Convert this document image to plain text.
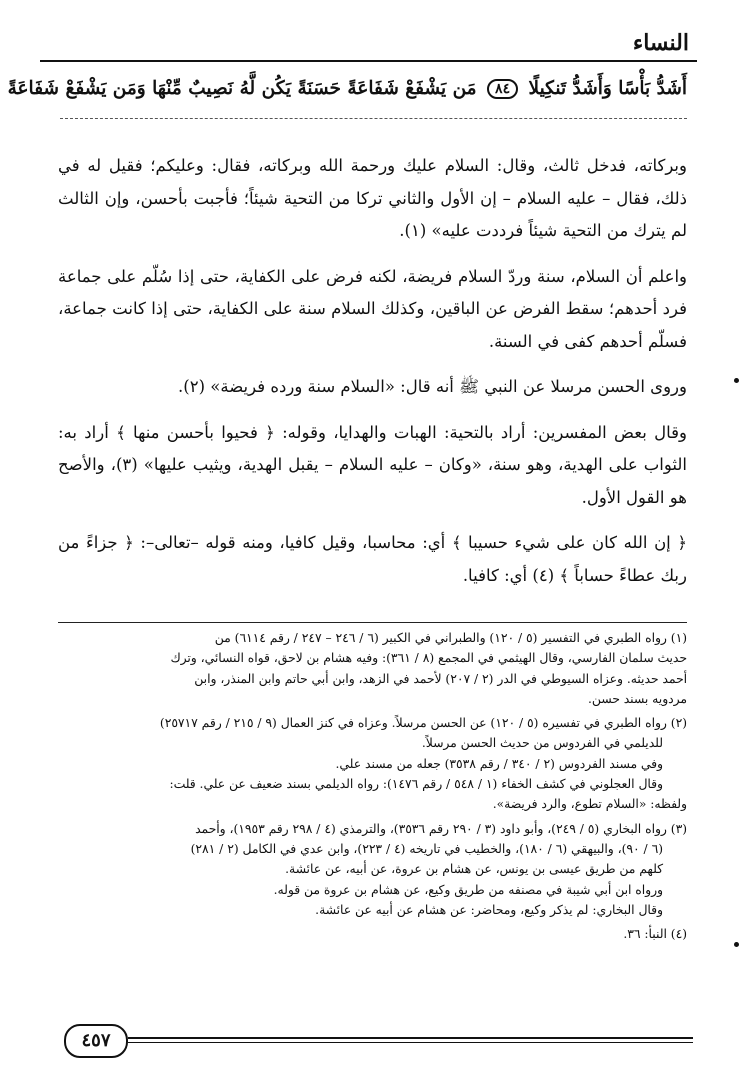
النساء
أَشَدُّ بَأْسًا وَأَشَدُّ تَنكِيلًا ٨٤ مَن يَشْفَعْ شَفَاعَةً حَسَنَةً يَكُن لَّهُ نَصِيبٌ مِّنْهَا وَمَن يَشْفَعْ شَفَاعَةً

وبركاته، فدخل ثالث، وقال: السلام عليك ورحمة الله وبركاته، فقال: وعليكم؛ فقيل له في ذلك، فقال – عليه السلام – إن الأول والثاني تركا من التحية شيئاً؛ فأجبت بأحسن، وإن الثالث لم يترك من التحية شيئاً فرددت عليه» (١).

واعلم أن السلام، سنة وردّ السلام فريضة، لكنه فرض على الكفاية، حتى إذا سُلّم على جماعة فرد أحدهم؛ سقط الفرض عن الباقين، وكذلك السلام سنة على الكفاية، حتى إذا كانت جماعة، فسلّم أحدهم كفى في السنة.

وروى الحسن مرسلا عن النبي ﷺ أنه قال: «السلام سنة ورده فريضة» (٢).

وقال بعض المفسرين: أراد بالتحية: الهبات والهدايا، وقوله: ﴿ فحيوا بأحسن منها ﴾ أراد به: الثواب على الهدية، وهو سنة، «وكان – عليه السلام – يقبل الهدية، ويثيب عليها» (٣)، والأصح هو القول الأول.

﴿ إن الله كان على شيء حسيبا ﴾ أي: محاسبا، وقيل كافيا، ومنه قوله –تعالى–: ﴿ جزاءً من ربك عطاءً حساباً ﴾ (٤) أي: كافيا.

(١) رواه الطبري في التفسير (٥ / ١٢٠) والطبراني في الكبير (٦ / ٢٤٦ – ٢٤٧ / رقم ٦١١٤) من
حديث سلمان الفارسي، وقال الهيثمي في المجمع (٨ / ٣٦١): وفيه هشام بن لاحق، قواه النسائي، وترك
أحمد حديثه. وعزاه السيوطي في الدر (٢ / ٢٠٧) لأحمد في الزهد، وابن أبي حاتم وابن المنذر، وابن
مردويه بسند حسن.
(٢) رواه الطبري في تفسيره (٥ / ١٢٠) عن الحسن مرسلاً. وعزاه في كنز العمال (٩ / ٢١٥ / رقم ٢٥٧١٧)
للديلمي في الفردوس من حديث الحسن مرسلاً.
وفي مسند الفردوس (٢ / ٣٤٠ / رقم ٣٥٣٨) جعله من مسند علي.
وقال العجلوني في كشف الخفاء (١ / ٥٤٨ / رقم ١٤٧٦): رواه الديلمي بسند ضعيف عن علي. قلت:
ولفظه: «السلام تطوع، والرد فريضة».
(٣) رواه البخاري (٥ / ٢٤٩)، وأبو داود (٣ / ٢٩٠ رقم ٣٥٣٦)، والترمذي (٤ / ٢٩٨ رقم ١٩٥٣)، وأحمد
(٦ / ٩٠)، والبيهقي (٦ / ١٨٠)، والخطيب في تاريخه (٤ / ٢٢٣)، وابن عدي في الكامل (٢ / ٢٨١)
كلهم من طريق عيسى بن يونس، عن هشام بن عروة، عن أبيه، عن عائشة.
ورواه ابن أبي شيبة في مصنفه من طريق وكيع، عن هشام بن عروة من قوله.
وقال البخاري: لم يذكر وكيع، ومحاضر: عن هشام عن أبيه عن عائشة.
(٤) النبأ: ٣٦.
٤٥٧
